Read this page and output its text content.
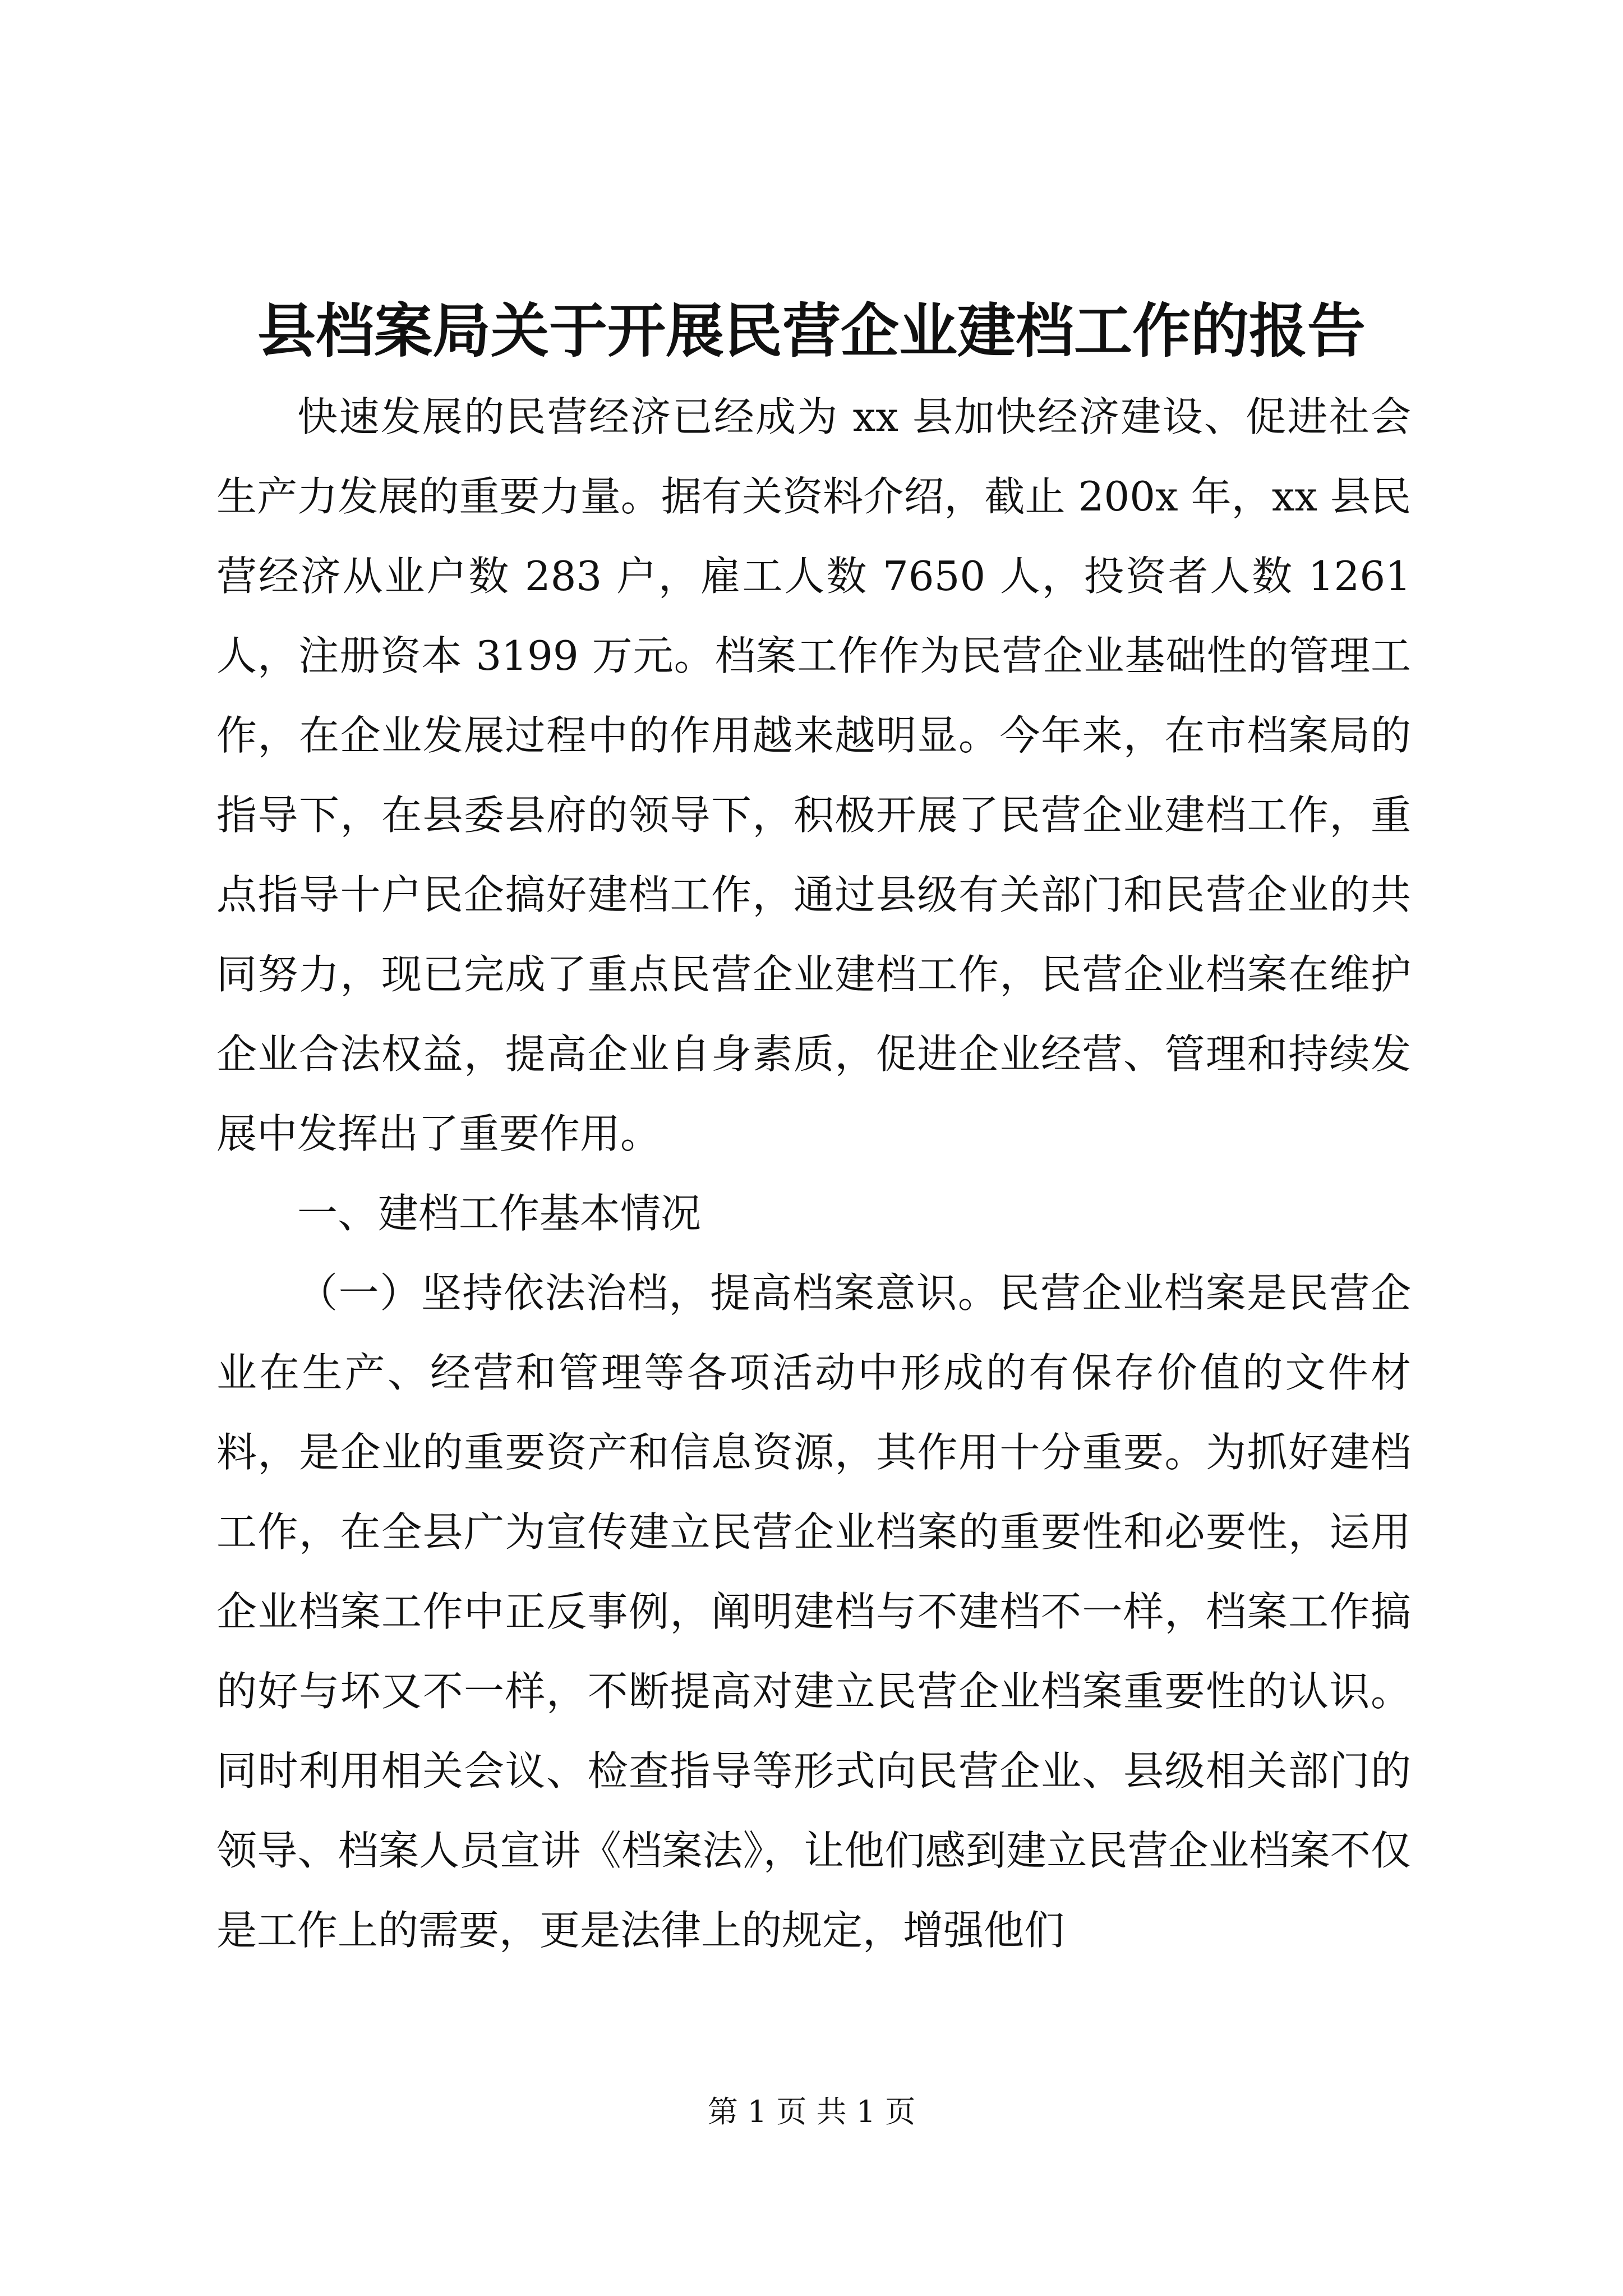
县档案局关于开展民营企业建档工作的报告

快速发展的民营经济已经成为 xx 县加快经济建设、促进社会生产力发展的重要力量。据有关资料介绍，截止 200x 年，xx 县民营经济从业户数 283 户，雇工人数 7650 人，投资者人数 1261 人，注册资本 3199 万元。档案工作作为民营企业基础性的管理工作，在企业发展过程中的作用越来越明显。今年来，在市档案局的指导下，在县委县府的领导下，积极开展了民营企业建档工作，重点指导十户民企搞好建档工作，通过县级有关部门和民营企业的共同努力，现已完成了重点民营企业建档工作，民营企业档案在维护企业合法权益，提高企业自身素质，促进企业经营、管理和持续发展中发挥出了重要作用。

一、建档工作基本情况

（一）坚持依法治档，提高档案意识。民营企业档案是民营企业在生产、经营和管理等各项活动中形成的有保存价值的文件材料，是企业的重要资产和信息资源，其作用十分重要。为抓好建档工作，在全县广为宣传建立民营企业档案的重要性和必要性，运用企业档案工作中正反事例，阐明建档与不建档不一样，档案工作搞的好与坏又不一样，不断提高对建立民营企业档案重要性的认识。同时利用相关会议、检查指导等形式向民营企业、县级相关部门的领导、档案人员宣讲《档案法》，让他们感到建立民营企业档案不仅是工作上的需要，更是法律上的规定，增强他们

第 1 页 共 1 页
